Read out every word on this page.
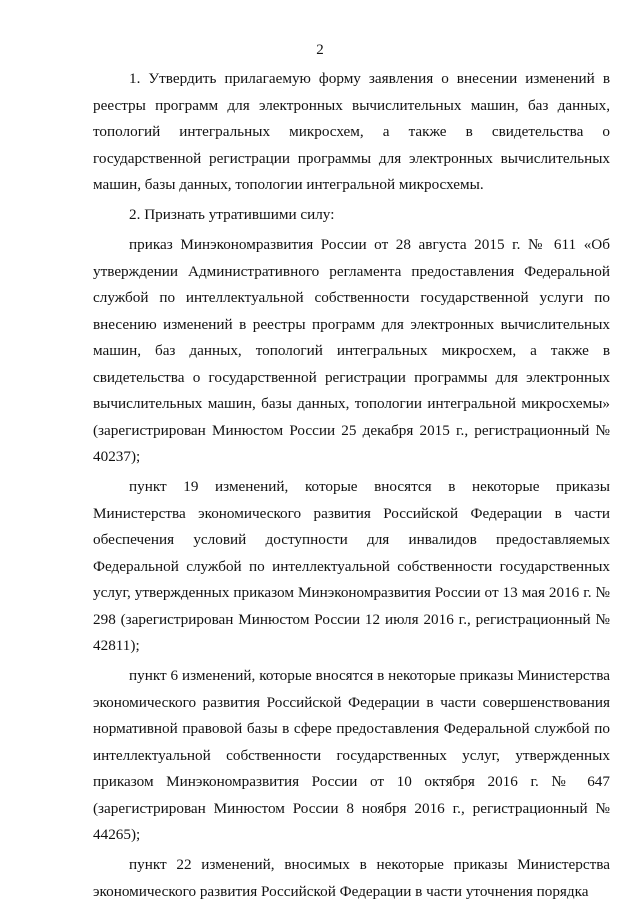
2

1. Утвердить прилагаемую форму заявления о внесении изменений в реестры программ для электронных вычислительных машин, баз данных, топологий интегральных микросхем, а также в свидетельства о государственной регистрации программы для электронных вычислительных машин, базы данных, топологии интегральной микросхемы.

2. Признать утратившими силу:

приказ Минэкономразвития России от 28 августа 2015 г. № 611 «Об утверждении Административного регламента предоставления Федеральной службой по интеллектуальной собственности государственной услуги по внесению изменений в реестры программ для электронных вычислительных машин, баз данных, топологий интегральных микросхем, а также в свидетельства о государственной регистрации программы для электронных вычислительных машин, базы данных, топологии интегральной микросхемы» (зарегистрирован Минюстом России 25 декабря 2015 г., регистрационный № 40237);

пункт 19 изменений, которые вносятся в некоторые приказы Министерства экономического развития Российской Федерации в части обеспечения условий доступности для инвалидов предоставляемых Федеральной службой по интеллектуальной собственности государственных услуг, утвержденных приказом Минэкономразвития России от 13 мая 2016 г. № 298 (зарегистрирован Минюстом России 12 июля 2016 г., регистрационный № 42811);

пункт 6 изменений, которые вносятся в некоторые приказы Министерства экономического развития Российской Федерации в части совершенствования нормативной правовой базы в сфере предоставления Федеральной службой по интеллектуальной собственности государственных услуг, утвержденных приказом Минэкономразвития России от 10 октября 2016 г. № 647 (зарегистрирован Минюстом России 8 ноября 2016 г., регистрационный № 44265);

пункт 22 изменений, вносимых в некоторые приказы Министерства экономического развития Российской Федерации в части уточнения порядка
